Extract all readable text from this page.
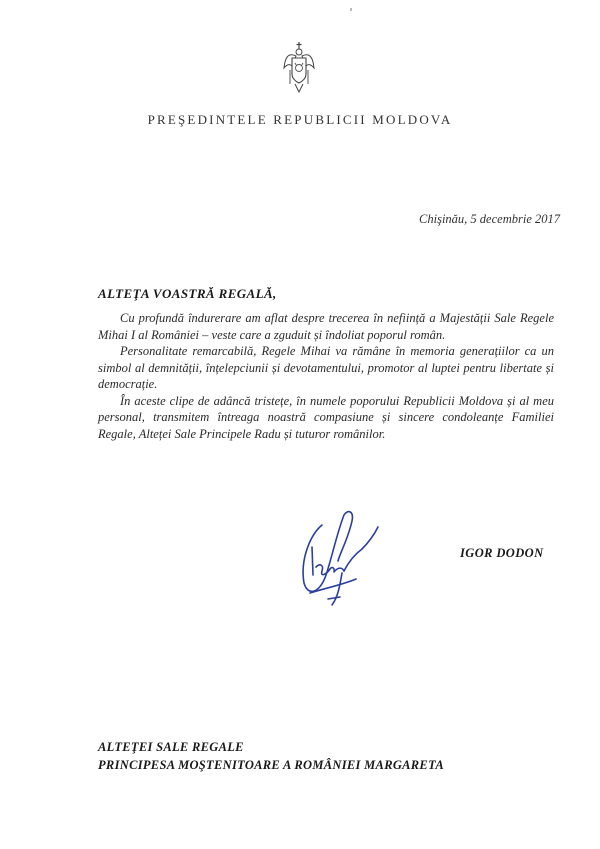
PREŞEDINTELE REPUBLICII MOLDOVA
Chişinău, 5 decembrie 2017
ALTEŢA VOASTRĂ REGALĂ,

Cu profundă îndurerare am aflat despre trecerea în neființă a Majestății Sale Regele Mihai I al României – veste care a zguduit și îndoliat poporul român.

Personalitate remarcabilă, Regele Mihai va rămâne în memoria generațiilor ca un simbol al demnității, înțelepciunii și devotamentului, promotor al luptei pentru libertate și democrație.

În aceste clipe de adâncă tristețe, în numele poporului Republicii Moldova și al meu personal, transmitem întreaga noastră compasiune și sincere condoleanțe Familiei Regale, Alteței Sale Principele Radu și tuturor românilor.

IGOR DODON
ALTEŢEI SALE REGALE
PRINCIPESA MOŞTENITOARE A ROMÂNIEI MARGARETA
